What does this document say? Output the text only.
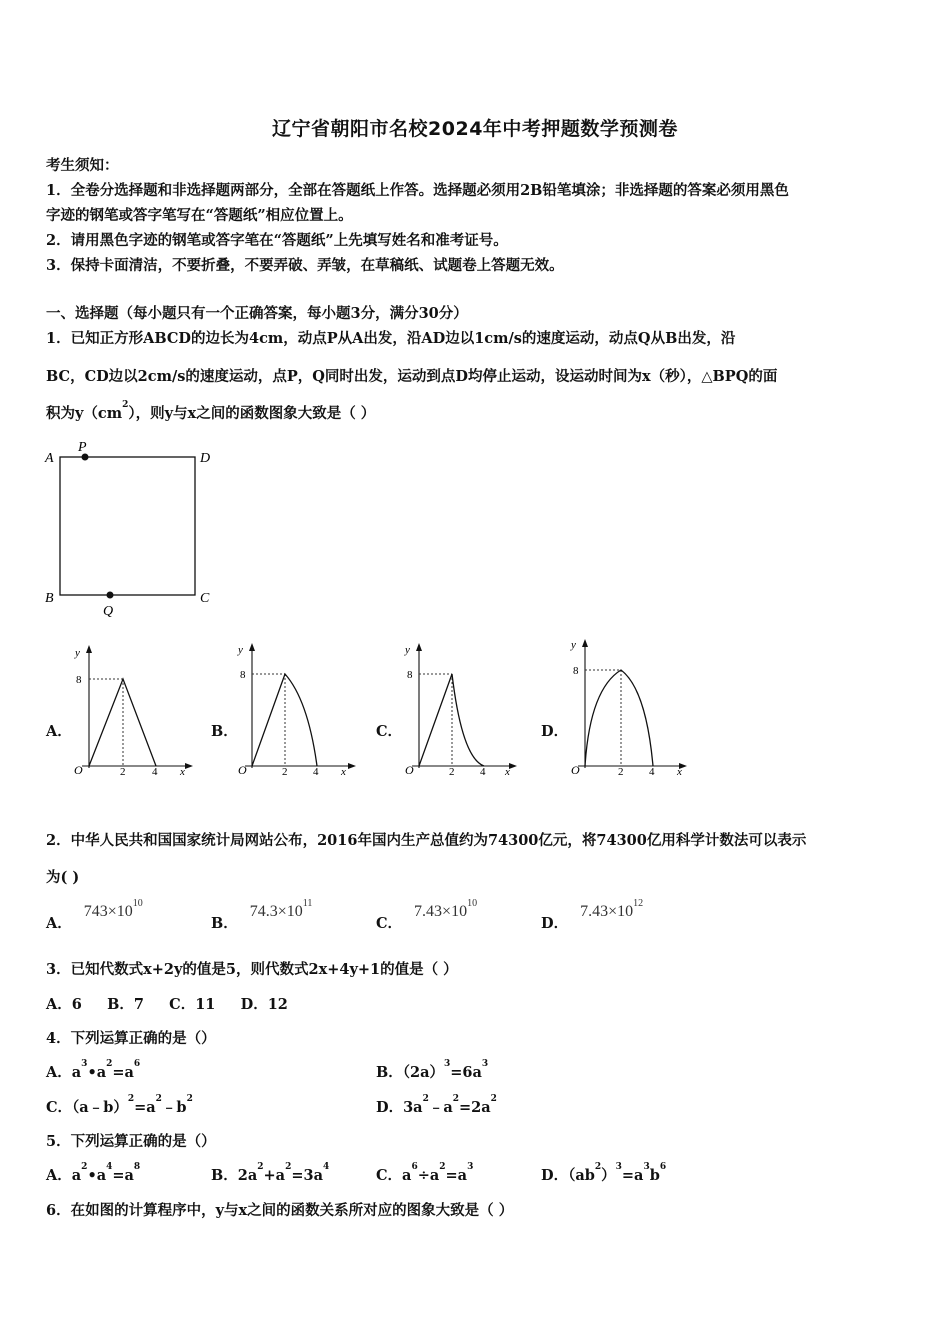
辽宁省朝阳市名校2024年中考押题数学预测卷
考生须知：
1．全卷分选择题和非选择题两部分，全部在答题纸上作答。选择题必须用2B铅笔填涂；非选择题的答案必须用黑色
字迹的钢笔或答字笔写在“答题纸”相应位置上。
2．请用黑色字迹的钢笔或答字笔在“答题纸”上先填写姓名和准考证号。
3．保持卡面清洁，不要折叠，不要弄破、弄皱，在草稿纸、试题卷上答题无效。
一、选择题（每小题只有一个正确答案，每小题3分，满分30分）
1．已知正方形ABCD的边长为4cm，动点P从A出发，沿AD边以1cm/s的速度运动，动点Q从B出发，沿
BC，CD边以2cm/s的速度运动，点P，Q同时出发，运动到点D均停止运动，设运动时间为x（秒），△BPQ的面
积为$y(cm^2)$，则y与x之间的函数图象大致是（ ）
A
P
D
B
Q
C
A．	B．	C．	D．
y
8
O	2 4 x
y
8
O	2 4 x
y
8
O	2 4 x
y
8
O	2 4 x
2．中华人民共和国国家统计局网站公布，2016年国内生产总值约为74300亿元，将74300亿用科学计数法可以表示
为( )
A．$743\times 10^{10}$
B．$74.3\times 10^{11}$
C．$7.43\times 10^{10}$
D．$7.43\times 10^{12}$
3．已知代数式x+2y的值是5，则代数式2x+4y+1的值是（ ）
A．6     B．7     C．11     D．12
4．下列运算正确的是（）
A．$a^3•a^2=a^6$	B．$(2a)^3=6a^3$
C．$(a﹣b)^2=a^2﹣b^2$	D．$3a^2﹣a^2=2a^2$
5．下列运算正确的是（）
A．$a^2•a^4=a^8$	B．$2a^2+a^2=3a^4$	C．$a^6\div a^2=a^3$	D．$(ab^2)^3=a^3b^6$
6．在如图的计算程序中，y与x之间的函数关系所对应的图象大致是（ ）
